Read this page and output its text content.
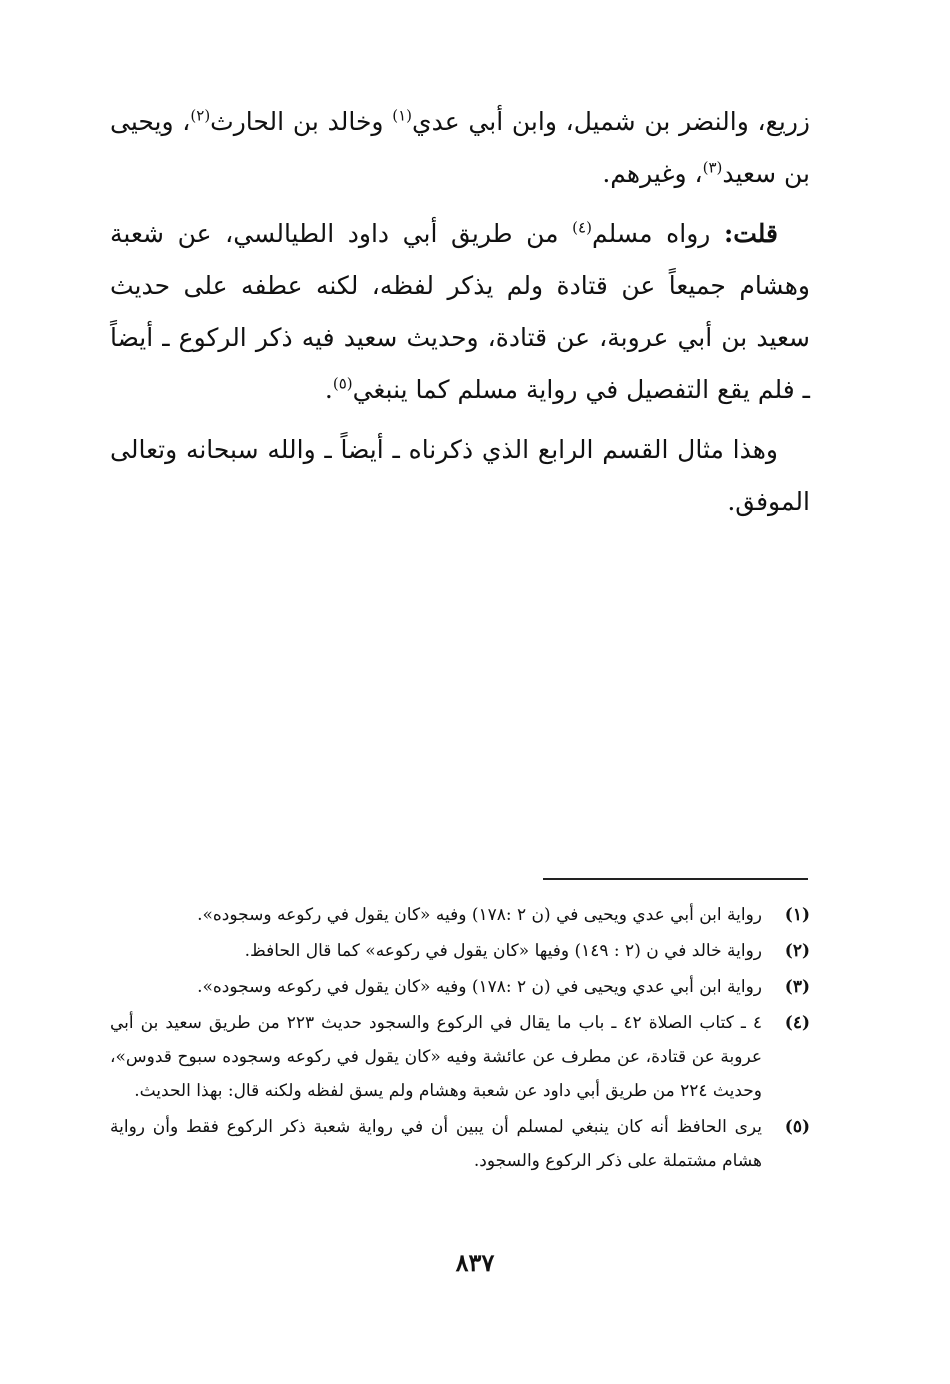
زريع، والنضر بن شميل، وابن أبي عدي$^{(١)}$ وخالد بن الحارث$^{(٢)}$، ويحيى بن سعيد$^{(٣)}$، وغيرهم.

قلت: رواه مسلم$^{(٤)}$ من طريق أبي داود الطيالسي، عن شعبة وهشام جميعاً عن قتادة ولم يذكر لفظه، لكنه عطفه على حديث سعيد بن أبي عروبة، عن قتادة، وحديث سعيد فيه ذكر الركوع ـ أيضاً ـ فلم يقع التفصيل في رواية مسلم كما ينبغي$^{(٥)}$.

وهذا مثال القسم الرابع الذي ذكرناه ـ أيضاً ـ والله سبحانه وتعالى الموفق.

(١)
رواية ابن أبي عدي ويحيى في (ن ٢ :١٧٨) وفيه «كان يقول في ركوعه وسجوده».
(٢)
رواية خالد في ن (٢ : ١٤٩) وفيها «كان يقول في ركوعه» كما قال الحافظ.
(٣)
رواية ابن أبي عدي ويحيى في (ن ٢ :١٧٨) وفيه «كان يقول في ركوعه وسجوده».
(٤)
٤ ـ كتاب الصلاة ٤٢ ـ باب ما يقال في الركوع والسجود حديث ٢٢٣ من طريق سعيد بن أبي عروبة عن قتادة، عن مطرف عن عائشة وفيه «كان يقول في ركوعه وسجوده سبوح قدوس»، وحديث ٢٢٤ من طريق أبي داود عن شعبة وهشام ولم يسق لفظه ولكنه قال: بهذا الحديث.
(٥)
يرى الحافظ أنه كان ينبغي لمسلم أن يبين أن في رواية شعبة ذكر الركوع فقط وأن رواية هشام مشتملة على ذكر الركوع والسجود.
٨٣٧
